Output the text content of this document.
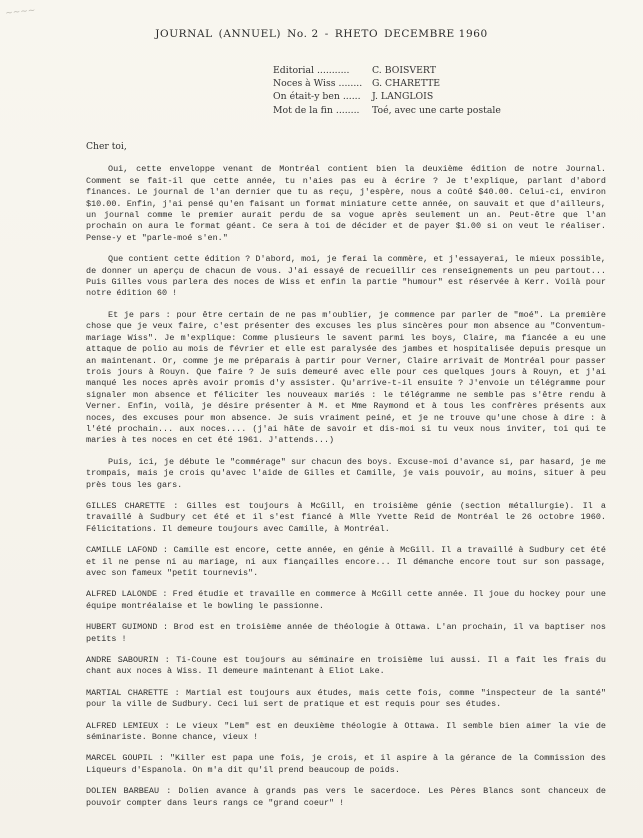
~~~~
JOURNAL (ANNUEL) No. 2 - RHETO DECEMBRE 1960
Editorial ...........	C. BOISVERT
Noces à Wiss ........	G. CHARETTE
On était-y ben ......	J. LANGLOIS
Mot de la fin ........	Toé, avec une carte postale

Cher toi,

Oui, cette enveloppe venant de Montréal contient bien la deuxième édition de notre Journal. Comment se fait-il que cette année, tu n'aies pas eu à écrire ? Je t'explique, parlant d'abord finances. Le journal de l'an dernier que tu as reçu, j'espère, nous a coûté $40.00. Celui-ci, environ $10.00. Enfin, j'ai pensé qu'en faisant un format miniature cette année, on sauvait et que d'ailleurs, un journal comme le premier aurait perdu de sa vogue après seulement un an. Peut-être que l'an prochain on aura le format géant. Ce sera à toi de décider et de payer $1.00 si on veut le réaliser. Pense-y et "parle-moé s'en."

Que contient cette édition ? D'abord, moi, je ferai la commère, et j'essayerai, le mieux possible, de donner un aperçu de chacun de vous. J'ai essayé de recueillir ces renseignements un peu partout... Puis Gilles vous parlera des noces de Wiss et enfin la partie "humour" est réservée à Kerr. Voilà pour notre édition 60 !

Et je pars : pour être certain de ne pas m'oublier, je commence par parler de "moé". La première chose que je veux faire, c'est présenter des excuses les plus sincères pour mon absence au "Conventum-mariage Wiss". Je m'explique: Comme plusieurs le savent parmi les boys, Claire, ma fiancée a eu une attaque de polio au mois de février et elle est paralysée des jambes et hospitalisée depuis presque un an maintenant. Or, comme je me préparais à partir pour Verner, Claire arrivait de Montréal pour passer trois jours à Rouyn. Que faire ? Je suis demeuré avec elle pour ces quelques jours à Rouyn, et j'ai manqué les noces après avoir promis d'y assister. Qu'arrive-t-il ensuite ? J'envoie un télégramme pour signaler mon absence et féliciter les nouveaux mariés : le télégramme ne semble pas s'être rendu à Verner. Enfin, voilà, je désire présenter à M. et Mme Raymond et à tous les confrères présents aux noces, des excuses pour mon absence. Je suis vraiment peiné, et je ne trouve qu'une chose à dire : à l'été prochain... aux noces.... (j'ai hâte de savoir et dis-moi si tu veux nous inviter, toi qui te maries à tes noces en cet été 1961. J'attends...)

Puis, ici, je débute le "commérage" sur chacun des boys. Excuse-moi d'avance si, par hasard, je me trompais, mais je crois qu'avec l'aide de Gilles et Camille, je vais pouvoir, au moins, situer à peu près tous les gars.

GILLES CHARETTE : Gilles est toujours à McGill, en troisième génie (section métallurgie). Il a travaillé à Sudbury cet été et il s'est fiancé à Mlle Yvette Reid de Montréal le 26 octobre 1960. Félicitations. Il demeure toujours avec Camille, à Montréal.

CAMILLE LAFOND : Camille est encore, cette année, en génie à McGill. Il a travaillé à Sudbury cet été et il ne pense ni au mariage, ni aux fiançailles encore... Il démanche encore tout sur son passage, avec son fameux "petit tournevis".

ALFRED LALONDE : Fred étudie et travaille en commerce à McGill cette année. Il joue du hockey pour une équipe montréalaise et le bowling le passionne.

HUBERT GUIMOND : Brod est en troisième année de théologie à Ottawa. L'an prochain, il va baptiser nos petits !

ANDRE SABOURIN : Ti-Coune est toujours au séminaire en troisième lui aussi. Il a fait les frais du chant aux noces à Wiss. Il demeure maintenant à Eliot Lake.

MARTIAL CHARETTE : Martial est toujours aux études, mais cette fois, comme "inspecteur de la santé" pour la ville de Sudbury. Ceci lui sert de pratique et est requis pour ses études.

ALFRED LEMIEUX : Le vieux "Lem" est en deuxième théologie à Ottawa. Il semble bien aimer la vie de séminariste. Bonne chance, vieux !

MARCEL GOUPIL : "Killer est papa une fois, je crois, et il aspire à la gérance de la Commission des Liqueurs d'Espanola. On m'a dit qu'il prend beaucoup de poids.

DOLIEN BARBEAU : Dolien avance à grands pas vers le sacerdoce. Les Pères Blancs sont chanceux de pouvoir compter dans leurs rangs ce "grand coeur" !
